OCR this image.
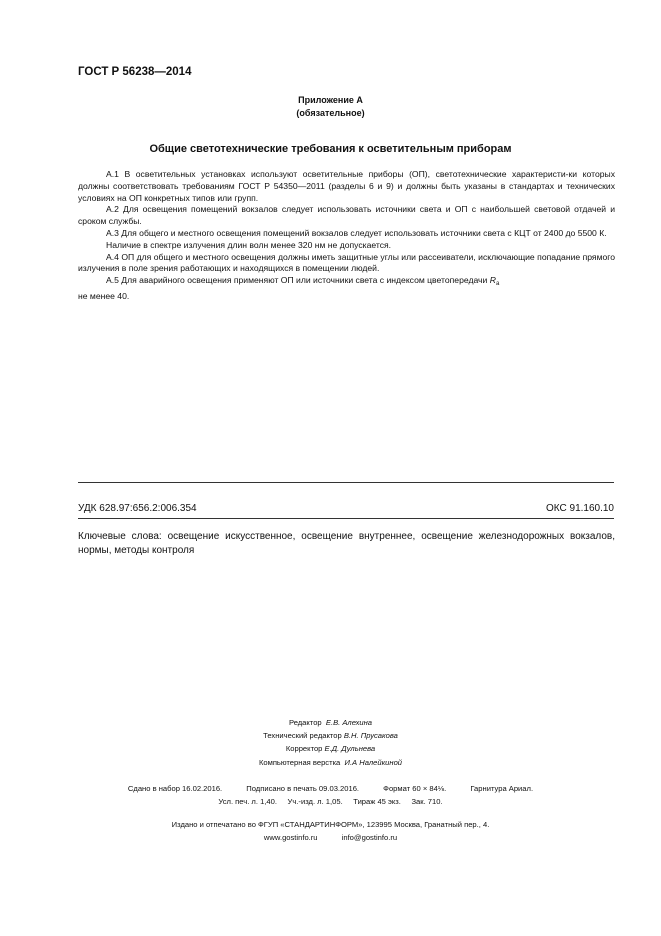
ГОСТ Р 56238—2014
Приложение А
(обязательное)
Общие светотехнические требования к осветительным приборам

А.1 В осветительных установках используют осветительные приборы (ОП), светотехнические характеристи-ки которых должны соответствовать требованиям ГОСТ Р 54350—2011 (разделы 6 и 9) и должны быть указаны в стандартах и технических условиях на ОП конкретных типов или групп.

А.2 Для освещения помещений вокзалов следует использовать источники света и ОП с наибольшей световой отдачей и сроком службы.

А.3 Для общего и местного освещения помещений вокзалов следует использовать источники света с КЦТ от 2400 до 5500 К.

Наличие в спектре излучения длин волн менее 320 нм не допускается.

А.4 ОП для общего и местного освещения должны иметь защитные углы или рассеиватели, исключающие попадание прямого излучения в поле зрения работающих и находящихся в помещении людей.

А.5 Для аварийного освещения применяют ОП или источники света с индексом цветопередачи $R_a$

не менее 40.

УДК 628.97:656.2:006.354	ОКС 91.160.10
Ключевые слова: освещение искусственное, освещение внутреннее, освещение железнодорожных вокзалов, нормы, методы контроля
Редактор Е.В. Алехина
Технический редактор В.Н. Прусакова
Корректор Е.Д. Дульнева
Компьютерная верстка И.А Налейкиной
Сдано в набор 16.02.2016.	Подписано в печать 09.03.2016.	Формат 60 × 84⅛.	Гарнитура Ариал.
Усл. печ. л. 1,40. Уч.-изд. л. 1,05. Тираж 45 экз. Зак. 710.
Издано и отпечатано во ФГУП «СТАНДАРТИНФОРМ», 123995 Москва, Гранатный пер., 4.
www.gostinfo.ru	info@gostinfo.ru
